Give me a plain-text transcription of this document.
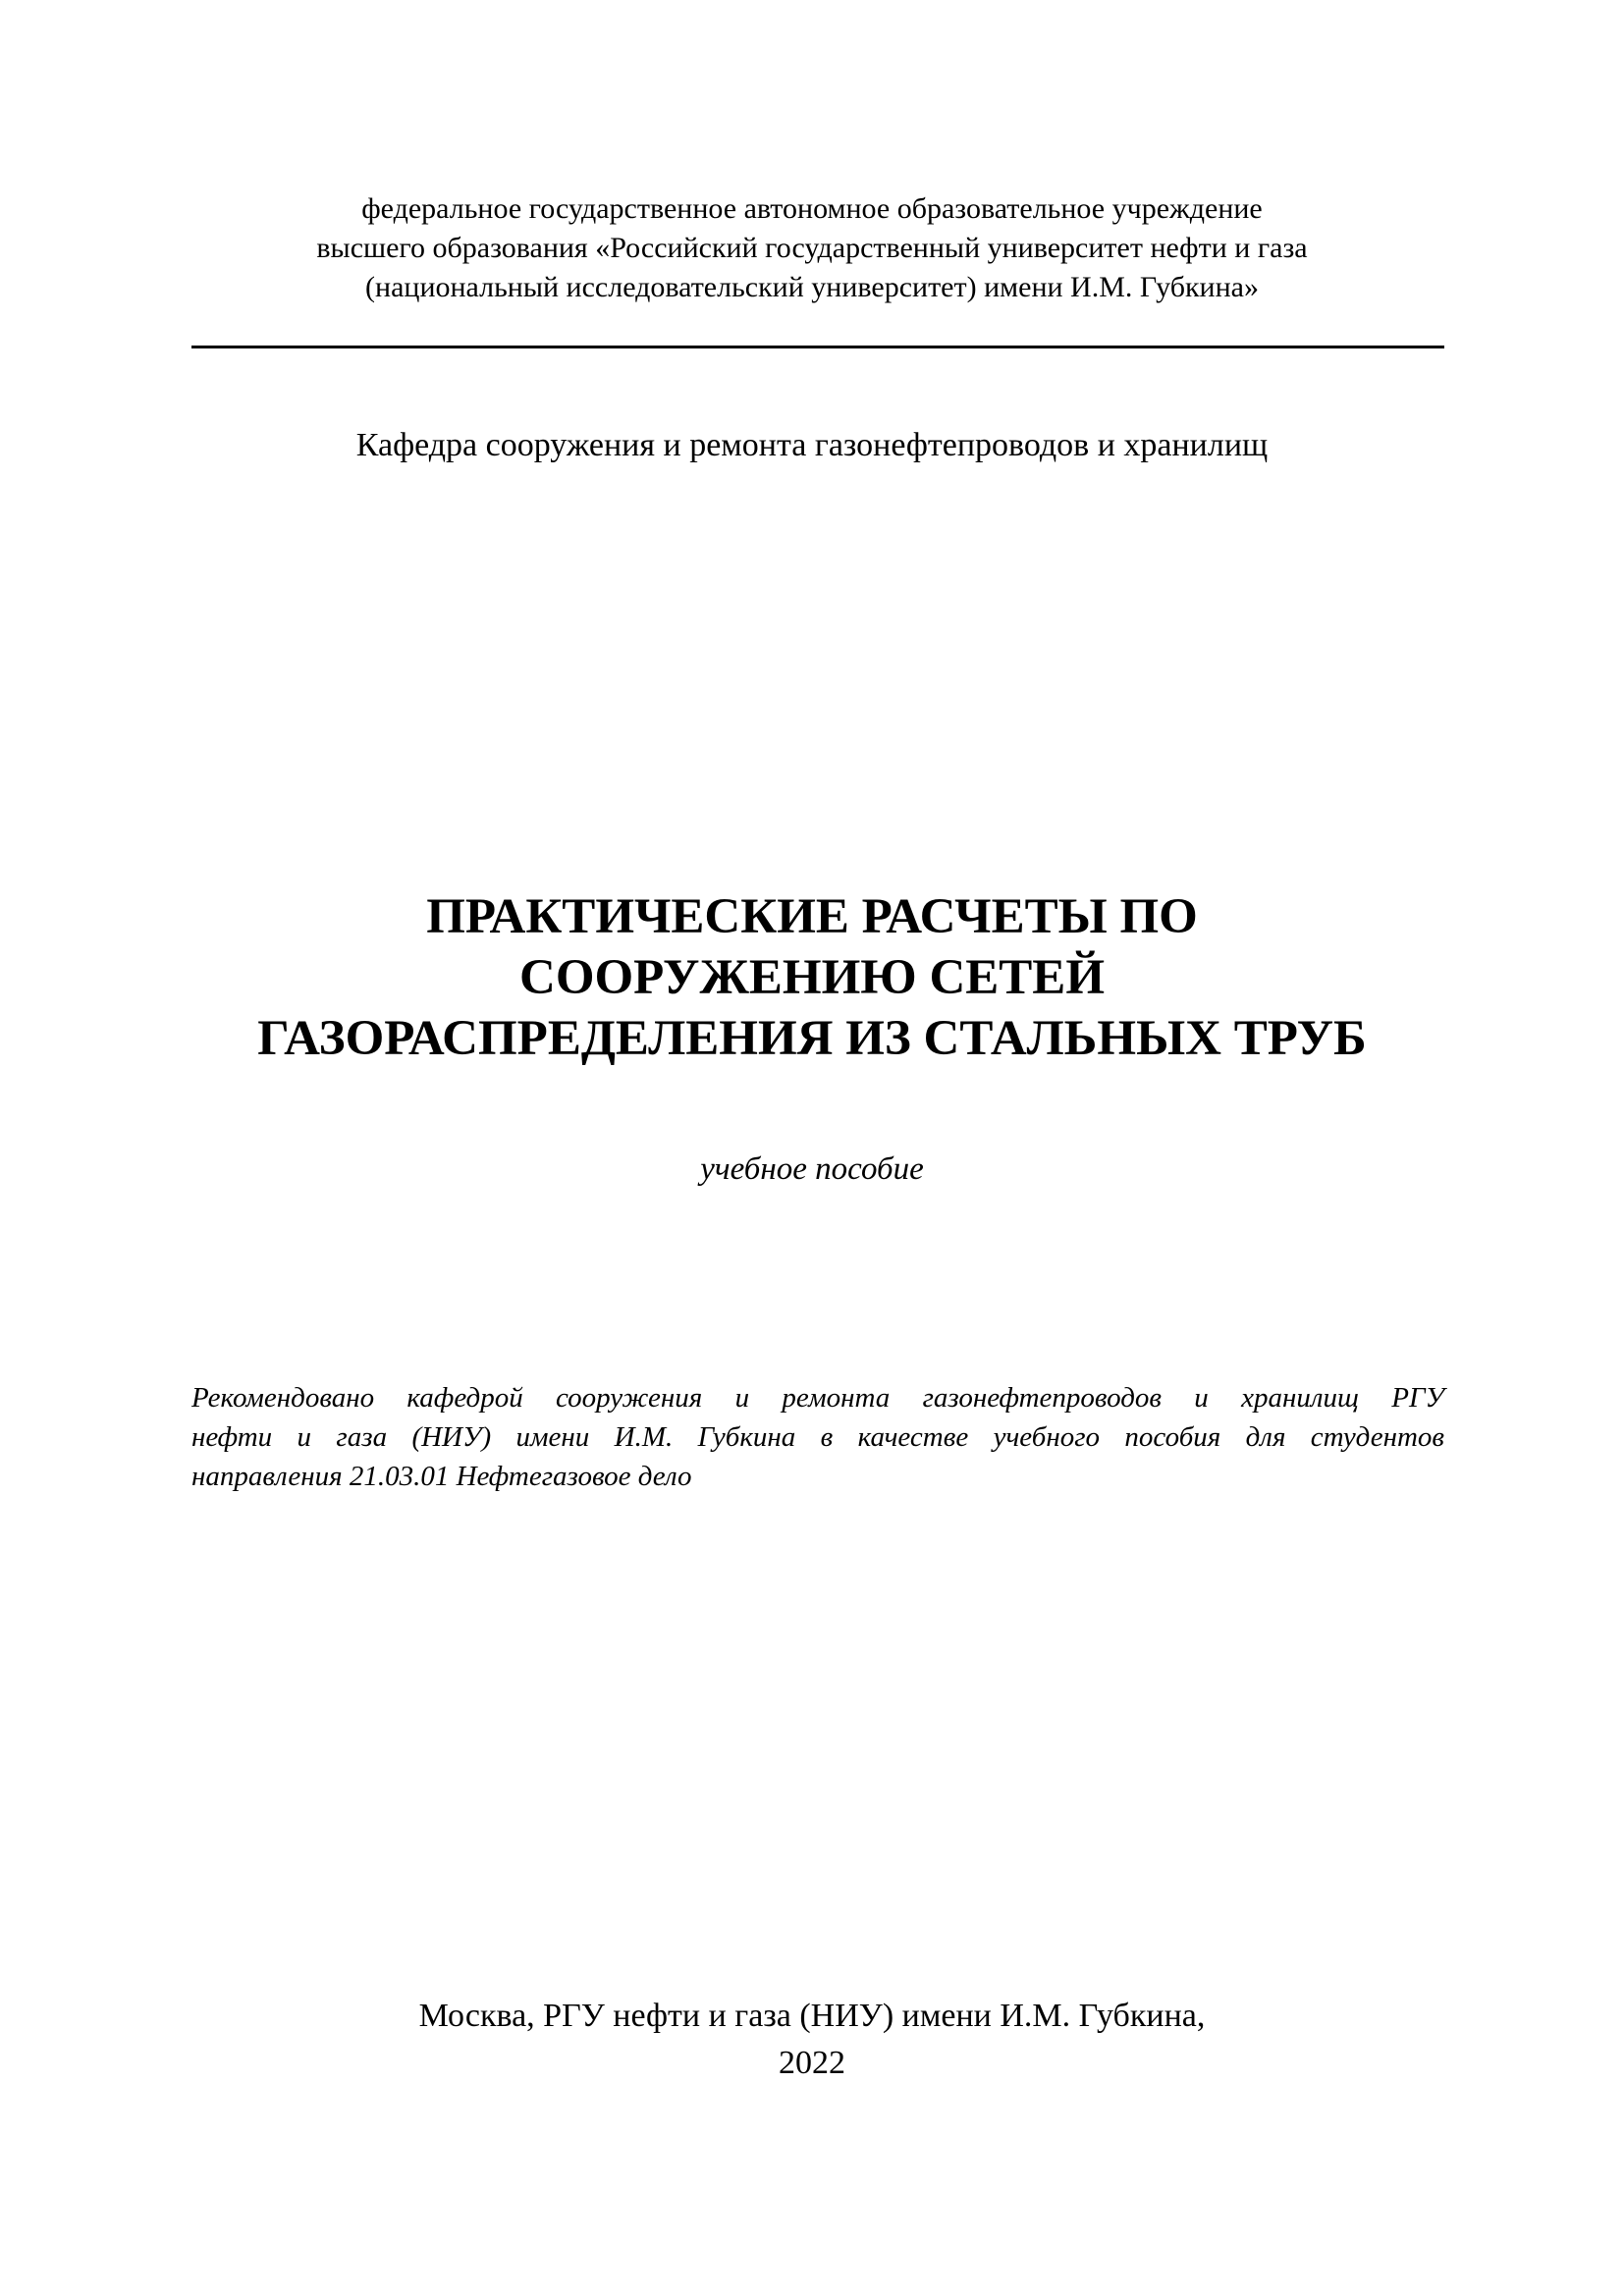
федеральное государственное автономное образовательное учреждение
высшего образования «Российский государственный университет нефти и газа
(национальный исследовательский университет) имени И.М. Губкина»
Кафедра сооружения и ремонта газонефтепроводов и хранилищ
ПРАКТИЧЕСКИЕ РАСЧЕТЫ ПО
СООРУЖЕНИЮ СЕТЕЙ
ГАЗОРАСПРЕДЕЛЕНИЯ ИЗ СТАЛЬНЫХ ТРУБ
учебное пособие
Рекомендовано кафедрой сооружения и ремонта газонефтепроводов и хранилищ РГУ
нефти и газа (НИУ) имени И.М. Губкина в качестве учебного пособия для студентов
направления 21.03.01 Нефтегазовое дело
Москва, РГУ нефти и газа (НИУ) имени И.М. Губкина,
2022
